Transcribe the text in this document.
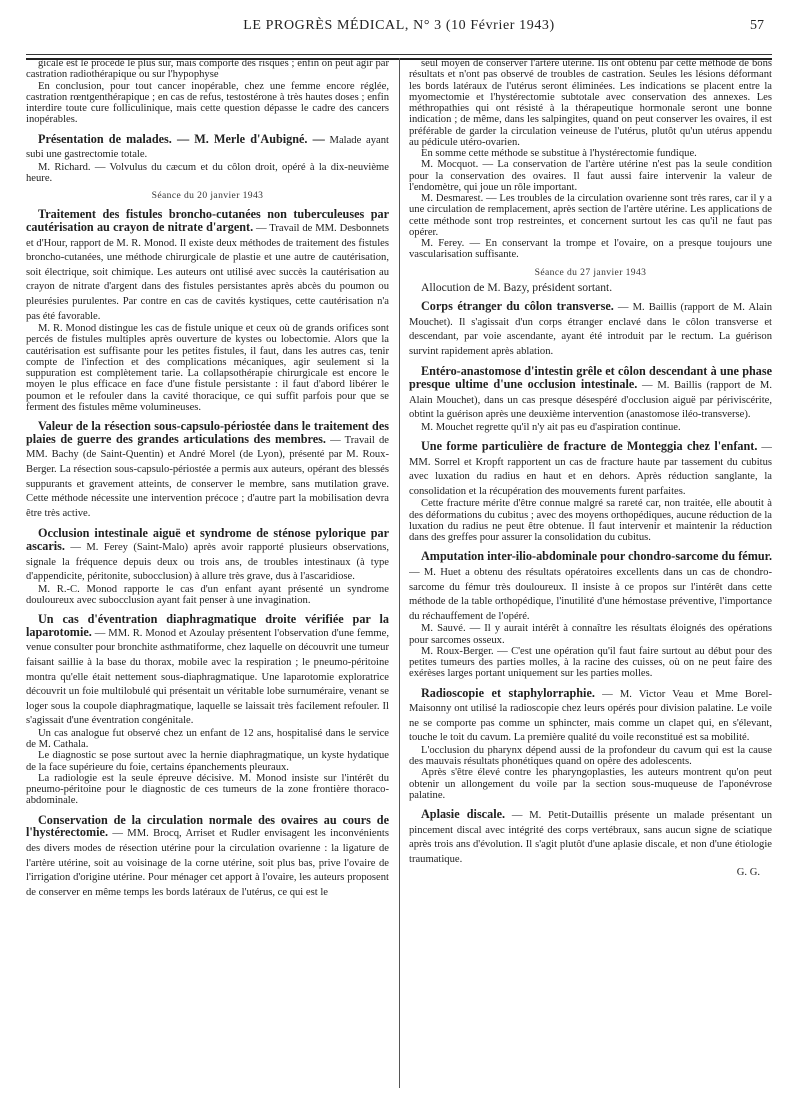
LE PROGRÈS MÉDICAL, N° 3 (10 Février 1943)	57

gicale est le procédé le plus sûr, mais comporte des risques ; enfin on peut agir par castration radiothérapique ou sur l'hypophyse

En conclusion, pour tout cancer inopérable, chez une femme encore réglée, castration rœntgenthérapique ; en cas de refus, testostérone à très hautes doses ; enfin interdire toute cure folliculinique, mais cette question dépasse le cadre des cancers inopérables.

Présentation de malades. — M. Merle d'Aubigné. — Malade ayant subi une gastrectomie totale.

M. Richard. — Volvulus du cæcum et du côlon droit, opéré à la dix-neuvième heure.

Séance du 20 janvier 1943

Traitement des fistules broncho-cutanées non tuberculeuses par cautérisation au crayon de nitrate d'argent. — Travail de MM. Desbonnets et d'Hour, rapport de M. R. Monod. Il existe deux méthodes de traitement des fistules broncho-cutanées, une méthode chirurgicale de plastie et une autre de cautérisation, soit électrique, soit chimique. Les auteurs ont utilisé avec succès la cautérisation au crayon de nitrate d'argent dans des fistules persistantes après abcès du poumon ou pleurésies purulentes. Par contre en cas de cavités kystiques, cette cautérisation n'a pas été favorable.

M. R. Monod distingue les cas de fistule unique et ceux où de grands orifices sont percés de fistules multiples après ouverture de kystes ou lobectomie. Alors que la cautérisation est suffisante pour les petites fistules, il faut, dans les autres cas, tenir compte de l'infection et des complications mécaniques, agir seulement si la suppuration est complètement tarie. La collapsothérapie chirurgicale est encore le moyen le plus efficace en face d'une fistule persistante : il faut d'abord libérer le poumon et le refouler dans la cavité thoracique, ce qui suffit parfois pour que se ferment des fistules même volumineuses.

Valeur de la résection sous-capsulo-périostée dans le traitement des plaies de guerre des grandes articulations des membres. — Travail de MM. Bachy (de Saint-Quentin) et André Morel (de Lyon), présenté par M. Roux-Berger. La résection sous-capsulo-périostée a permis aux auteurs, opérant des blessés suppurants et gravement atteints, de conserver le membre, sans mutilation grave. Cette méthode nécessite une intervention précoce ; d'autre part la mobilisation devra être très active.

Occlusion intestinale aiguë et syndrome de sténose pylorique par ascaris. — M. Ferey (Saint-Malo) après avoir rapporté plusieurs observations, signale la fréquence depuis deux ou trois ans, de troubles intestinaux (à type d'appendicite, péritonite, subocclusion) à allure très grave, dus à l'ascaridiose.

M. R.-C. Monod rapporte le cas d'un enfant ayant présenté un syndrome douloureux avec subocclusion ayant fait penser à une invagination.

Un cas d'éventration diaphragmatique droite vérifiée par la laparotomie. — MM. R. Monod et Azoulay présentent l'observation d'une femme, venue consulter pour bronchite asthmatiforme, chez laquelle on découvrit une tumeur faisant saillie à la base du thorax, mobile avec la respiration ; le pneumo-péritoine montra qu'elle était nettement sous-diaphragmatique. Une laparotomie exploratrice découvrit un foie multilobulé qui présentait un véritable lobe surnuméraire, venant se loger sous la coupole diaphragmatique, laquelle se laissait très facilement refouler. Il s'agissait d'une éventration congénitale.

Un cas analogue fut observé chez un enfant de 12 ans, hospitalisé dans le service de M. Cathala.

Le diagnostic se pose surtout avec la hernie diaphragmatique, un kyste hydatique de la face supérieure du foie, certains épanchements pleuraux.

La radiologie est la seule épreuve décisive. M. Monod insiste sur l'intérêt du pneumo-péritoine pour le diagnostic de ces tumeurs de la zone frontière thoraco-abdominale.

Conservation de la circulation normale des ovaires au cours de l'hystérectomie. — MM. Brocq, Arriset et Rudler envisagent les inconvénients des divers modes de résection utérine pour la circulation ovarienne : la ligature de l'artère utérine, soit au voisinage de la corne utérine, soit plus bas, prive l'ovaire de l'irrigation d'origine utérine. Pour ménager cet apport à l'ovaire, les auteurs proposent de conserver en même temps les bords latéraux de l'utérus, ce qui est le

seul moyen de conserver l'artère utérine. Ils ont obtenu par cette méthode de bons résultats et n'ont pas observé de troubles de castration. Seules les lésions déformant les bords latéraux de l'utérus seront éliminées. Les indications se placent entre la myomectomie et l'hystérectomie subtotale avec conservation des annexes. Les méthropathies qui ont résisté à la thérapeutique hormonale seront une bonne indication ; de même, dans les salpingites, quand on peut conserver les ovaires, il est préférable de garder la circulation veineuse de l'utérus, plutôt qu'un utérus appendu au pédicule utéro-ovarien.

En somme cette méthode se substitue à l'hystérectomie fundique.

M. Mocquot. — La conservation de l'artère utérine n'est pas la seule condition pour la conservation des ovaires. Il faut aussi faire intervenir la valeur de l'endomètre, qui joue un rôle important.

M. Desmarest. — Les troubles de la circulation ovarienne sont très rares, car il y a une circulation de remplacement, après section de l'artère utérine. Les applications de cette méthode sont trop restreintes, et concernent surtout les cas qu'il ne faut pas opérer.

M. Ferey. — En conservant la trompe et l'ovaire, on a presque toujours une vascularisation suffisante.

Séance du 27 janvier 1943

Allocution de M. Bazy, président sortant.

Corps étranger du côlon transverse. — M. Baillis (rapport de M. Alain Mouchet). Il s'agissait d'un corps étranger enclavé dans le côlon transverse et descendant, par voie ascendante, ayant été introduit par le rectum. La guérison survint rapidement après ablation.

Entéro-anastomose d'intestin grêle et côlon descendant à une phase presque ultime d'une occlusion intestinale. — M. Baillis (rapport de M. Alain Mouchet), dans un cas presque désespéré d'occlusion aiguë par périviscérite, obtint la guérison après une deuxième intervention (anastomose iléo-transverse).

M. Mouchet regrette qu'il n'y ait pas eu d'aspiration continue.

Une forme particulière de fracture de Monteggia chez l'enfant. — MM. Sorrel et Kropft rapportent un cas de fracture haute par tassement du cubitus avec luxation du radius en haut et en dehors. Après réduction sanglante, la consolidation et la récupération des mouvements furent parfaites.

Cette fracture mérite d'être connue malgré sa rareté car, non traitée, elle aboutit à des déformations du cubitus ; avec des moyens orthopédiques, aucune réduction de la luxation du radius ne peut être obtenue. Il faut intervenir et maintenir la réduction dans des greffes pour assurer la consolidation du cubitus.

Amputation inter-ilio-abdominale pour chondro-sarcome du fémur. — M. Huet a obtenu des résultats opératoires excellents dans un cas de chondro-sarcome du fémur très douloureux. Il insiste à ce propos sur l'intérêt dans cette méthode de la table orthopédique, l'inutilité d'une hémostase préventive, l'importance du réchauffement de l'opéré.

M. Sauvé. — Il y aurait intérêt à connaître les résultats éloignés des opérations pour sarcomes osseux.

M. Roux-Berger. — C'est une opération qu'il faut faire surtout au début pour des petites tumeurs des parties molles, à la racine des cuisses, où on ne peut faire des exérèses larges portant uniquement sur les parties molles.

Radioscopie et staphylorraphie. — M. Victor Veau et Mme Borel-Maisonny ont utilisé la radioscopie chez leurs opérés pour division palatine. Le voile ne se comporte pas comme un sphincter, mais comme un clapet qui, en s'élevant, touche le toit du cavum. La première qualité du voile reconstitué est sa mobilité.

L'occlusion du pharynx dépend aussi de la profondeur du cavum qui est la cause des mauvais résultats phonétiques quand on opère des adolescents.

Après s'être élevé contre les pharyngoplasties, les auteurs montrent qu'on peut obtenir un allongement du voile par la section sous-muqueuse de l'aponévrose palatine.

Aplasie discale. — M. Petit-Dutaillis présente un malade présentant un pincement discal avec intégrité des corps vertébraux, sans aucun signe de sciatique après trois ans d'évolution. Il s'agit plutôt d'une aplasie discale, et non d'une étiologie traumatique.

G. G.
